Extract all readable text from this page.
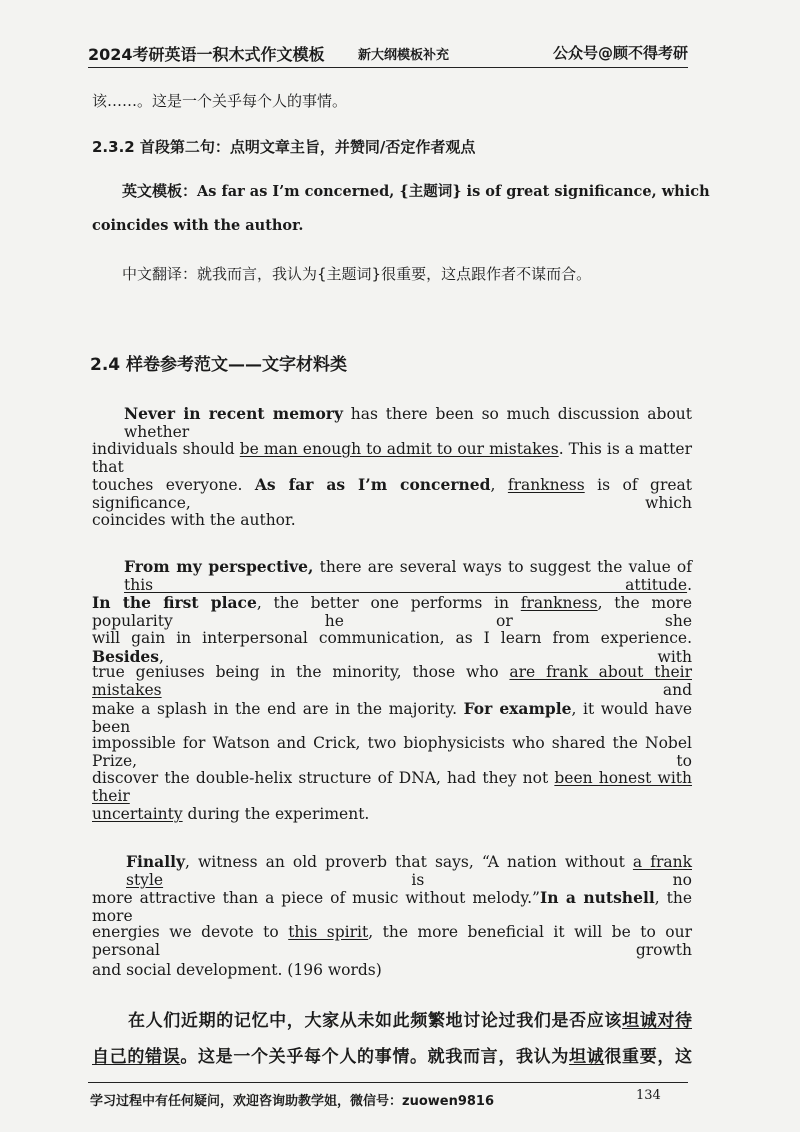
2024考研英语一积木式作文模板	新大纲模板补充	公众号@顾不得考研
该……。这是一个关乎每个人的事情。
2.3.2 首段第二句：点明文章主旨，并赞同/否定作者观点
英文模板：As far as I’m concerned, {主题词} is of great significance, which
coincides with the author.
中文翻译：就我而言，我认为{主题词}很重要，这点跟作者不谋而合。
2.4 样卷参考范文——文字材料类
Never in recent memory has there been so much discussion about whether
individuals should be man enough to admit to our mistakes. This is a matter that
touches everyone. As far as I’m concerned, frankness is of great significance, which
coincides with the author.
From my perspective, there are several ways to suggest the value of this attitude.
In the first place, the better one performs in frankness, the more popularity he or she
will gain in interpersonal communication, as I learn from experience. Besides, with
true geniuses being in the minority, those who are frank about their mistakes and
make a splash in the end are in the majority. For example, it would have been
impossible for Watson and Crick, two biophysicists who shared the Nobel Prize, to
discover the double-helix structure of DNA, had they not been honest with their
uncertainty during the experiment.
Finally, witness an old proverb that says, “A nation without a frank style is no
more attractive than a piece of music without melody.”In a nutshell, the more
energies we devote to this spirit, the more beneficial it will be to our personal growth
and social development. (196 words)
在人们近期的记忆中，大家从未如此频繁地讨论过我们是否应该坦诚对待
自己的错误。这是一个关乎每个人的事情。就我而言，我认为坦诚很重要，这
学习过程中有任何疑问，欢迎咨询助教学姐，微信号：zuowen9816	134
